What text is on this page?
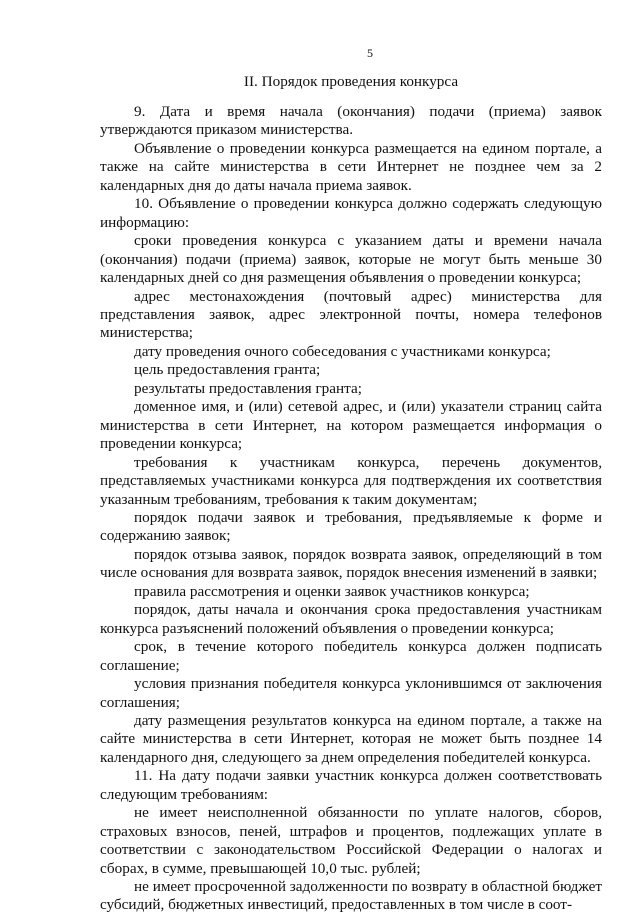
5
II. Порядок проведения конкурса

9. Дата и время начала (окончания) подачи (приема) заявок утверждаются приказом министерства.

Объявление о проведении конкурса размещается на едином портале, а также на сайте министерства в сети Интернет не позднее чем за 2 календарных дня до даты начала приема заявок.

10. Объявление о проведении конкурса должно содержать следующую информацию:

сроки проведения конкурса с указанием даты и времени начала (окончания) подачи (приема) заявок, которые не могут быть меньше 30 календарных дней со дня размещения объявления о проведении конкурса;

адрес местонахождения (почтовый адрес) министерства для представления заявок, адрес электронной почты, номера телефонов министерства;

дату проведения очного собеседования с участниками конкурса;

цель предоставления гранта;

результаты предоставления гранта;

доменное имя, и (или) сетевой адрес, и (или) указатели страниц сайта министерства в сети Интернет, на котором размещается информация о проведении конкурса;

требования к участникам конкурса, перечень документов, представляемых участниками конкурса для подтверждения их соответствия указанным требованиям, требования к таким документам;

порядок подачи заявок и требования, предъявляемые к форме и содержанию заявок;

порядок отзыва заявок, порядок возврата заявок, определяющий в том числе основания для возврата заявок, порядок внесения изменений в заявки;

правила рассмотрения и оценки заявок участников конкурса;

порядок, даты начала и окончания срока предоставления участникам конкурса разъяснений положений объявления о проведении конкурса;

срок, в течение которого победитель конкурса должен подписать соглашение;

условия признания победителя конкурса уклонившимся от заключения соглашения;

дату размещения результатов конкурса на едином портале, а также на сайте министерства в сети Интернет, которая не может быть позднее 14 календарного дня, следующего за днем определения победителей конкурса.

11. На дату подачи заявки участник конкурса должен соответствовать следующим требованиям:

не имеет неисполненной обязанности по уплате налогов, сборов, страховых взносов, пеней, штрафов и процентов, подлежащих уплате в соответствии с законодательством Российской Федерации о налогах и сборах, в сумме, превышающей 10,0 тыс. рублей;

не имеет просроченной задолженности по возврату в областной бюджет субсидий, бюджетных инвестиций, предоставленных в том числе в соот-
